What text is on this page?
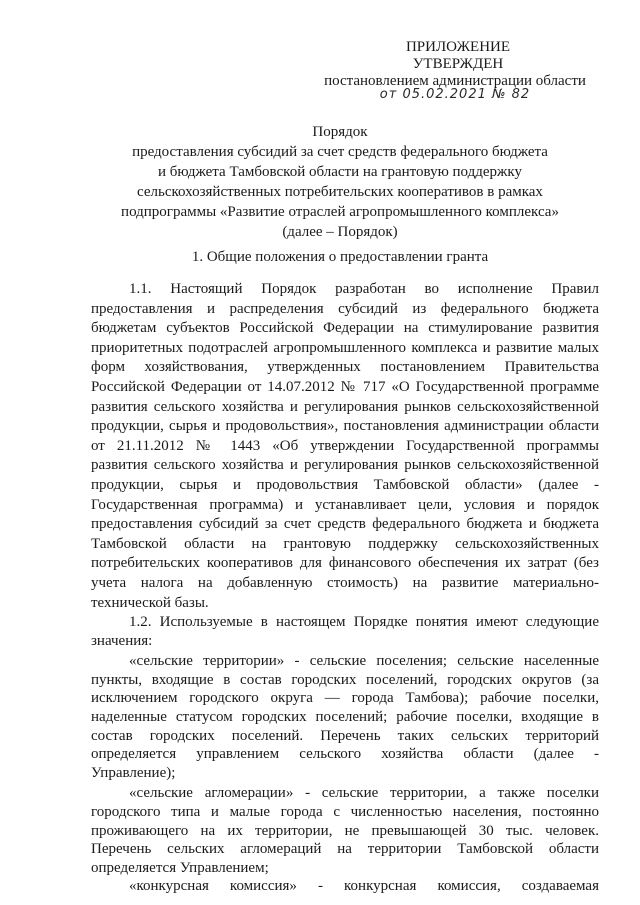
ПРИЛОЖЕНИЕ
УТВЕРЖДЕН
постановлением администрации области
от 05.02.2021 № 82
Порядок
предоставления субсидий за счет средств федерального бюджета
и бюджета Тамбовской области на грантовую поддержку
сельскохозяйственных потребительских кооперативов в рамках
подпрограммы «Развитие отраслей агропромышленного комплекса»
(далее – Порядок)
1. Общие положения о предоставлении гранта

1.1. Настоящий Порядок разработан во исполнение Правил

предоставления и распределения субсидий из федерального бюджета

бюджетам субъектов Российской Федерации на стимулирование развития

приоритетных подотраслей агропромышленного комплекса и развитие малых

форм хозяйствования, утвержденных постановлением Правительства

Российской Федерации от 14.07.2012 № 717 «О Государственной программе

развития сельского хозяйства и регулирования рынков сельскохозяйственной

продукции, сырья и продовольствия», постановления администрации области

от 21.11.2012 № 1443 «Об утверждении Государственной программы

развития сельского хозяйства и регулирования рынков сельскохозяйственной

продукции, сырья и продовольствия Тамбовской области» (далее -

Государственная программа) и устанавливает цели, условия и порядок

предоставления субсидий за счет средств федерального бюджета и бюджета

Тамбовской области на грантовую поддержку сельскохозяйственных

потребительских кооперативов для финансового обеспечения их затрат (без

учета налога на добавленную стоимость) на развитие материально-

технической базы.

1.2. Используемые в настоящем Порядке понятия имеют следующие

значения:

«сельские территории» - сельские поселения; сельские населенные

пункты, входящие в состав городских поселений, городских округов (за

исключением городского округа — города Тамбова); рабочие поселки,

наделенные статусом городских поселений; рабочие поселки, входящие в

состав городских поселений. Перечень таких сельских территорий

определяется управлением сельского хозяйства области (далее -

Управление);

«сельские агломерации» - сельские территории, а также поселки

городского типа и малые города с численностью населения, постоянно

проживающего на их территории, не превышающей 30 тыс. человек.

Перечень сельских агломераций на территории Тамбовской области

определяется Управлением;

«конкурсная комиссия» - конкурсная комиссия, создаваемая
